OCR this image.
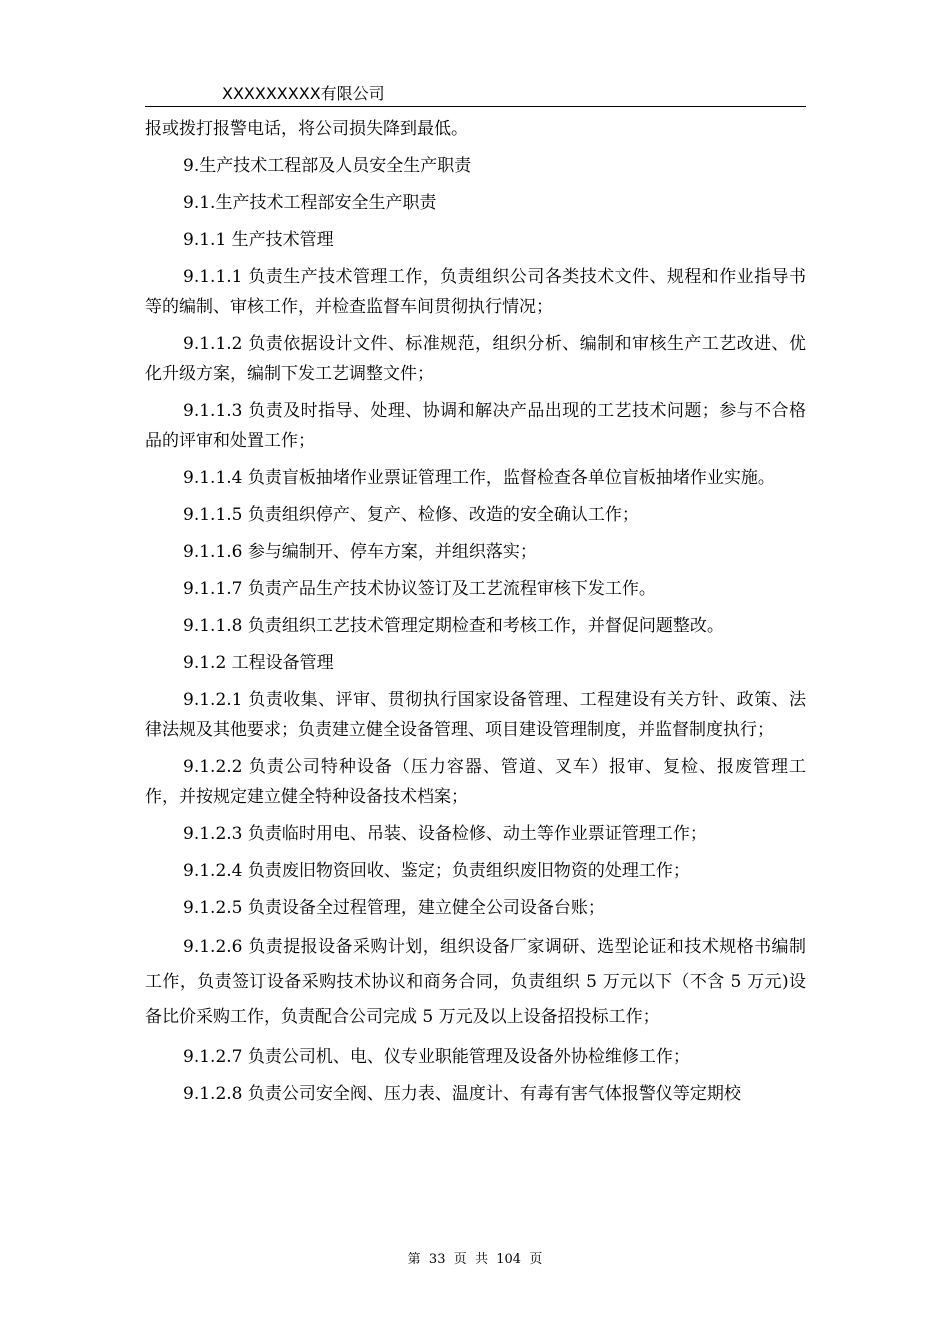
XXXXXXXXX有限公司

报或拨打报警电话，将公司损失降到最低。

9.生产技术工程部及人员安全生产职责

9.1.生产技术工程部安全生产职责

9.1.1 生产技术管理

9.1.1.1 负责生产技术管理工作，负责组织公司各类技术文件、规程和作业指导书等的编制、审核工作，并检查监督车间贯彻执行情况；

9.1.1.2 负责依据设计文件、标准规范，组织分析、编制和审核生产工艺改进、优化升级方案，编制下发工艺调整文件；

9.1.1.3 负责及时指导、处理、协调和解决产品出现的工艺技术问题；参与不合格品的评审和处置工作；

9.1.1.4 负责盲板抽堵作业票证管理工作，监督检查各单位盲板抽堵作业实施。

9.1.1.5 负责组织停产、复产、检修、改造的安全确认工作；

9.1.1.6 参与编制开、停车方案，并组织落实；

9.1.1.7 负责产品生产技术协议签订及工艺流程审核下发工作。

9.1.1.8 负责组织工艺技术管理定期检查和考核工作，并督促问题整改。

9.1.2 工程设备管理

9.1.2.1 负责收集、评审、贯彻执行国家设备管理、工程建设有关方针、政策、法律法规及其他要求；负责建立健全设备管理、项目建设管理制度，并监督制度执行；

9.1.2.2 负责公司特种设备（压力容器、管道、叉车）报审、复检、报废管理工作，并按规定建立健全特种设备技术档案；

9.1.2.3 负责临时用电、吊装、设备检修、动土等作业票证管理工作；

9.1.2.4 负责废旧物资回收、鉴定；负责组织废旧物资的处理工作；

9.1.2.5 负责设备全过程管理，建立健全公司设备台账；

9.1.2.6 负责提报设备采购计划，组织设备厂家调研、选型论证和技术规格书编制工作，负责签订设备采购技术协议和商务合同，负责组织 5 万元以下（不含 5 万元)设备比价采购工作，负责配合公司完成 5 万元及以上设备招投标工作；

9.1.2.7 负责公司机、电、仪专业职能管理及设备外协检维修工作；

9.1.2.8 负责公司安全阀、压力表、温度计、有毒有害气体报警仪等定期校

第  33  页  共  104  页
